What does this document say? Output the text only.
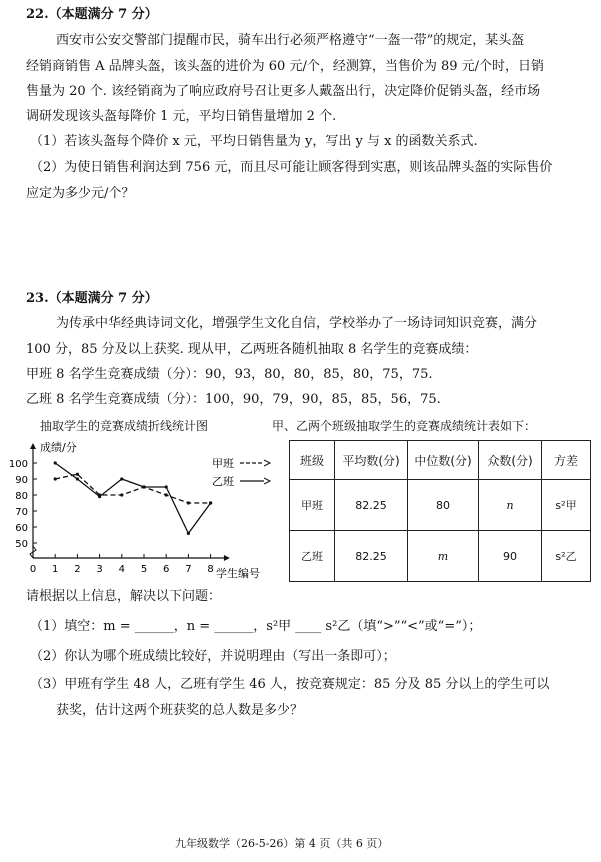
22.（本题满分 7 分）
西安市公安交警部门提醒市民，骑车出行必须严格遵守“一盔一带”的规定，某头盔
经销商销售 A 品牌头盔，该头盔的进价为 60 元/个，经测算，当售价为 89 元/个时，日销
售量为 20 个. 该经销商为了响应政府号召让更多人戴盔出行，决定降价促销头盔，经市场
调研发现该头盔每降价 1 元，平均日销售量增加 2 个.
（1）若该头盔每个降价 x 元，平均日销售量为 y，写出 y 与 x 的函数关系式.
（2）为使日销售利润达到 756 元，而且尽可能让顾客得到实惠，则该品牌头盔的实际售价
应定为多少元/个？
23.（本题满分 7 分）
为传承中华经典诗词文化，增强学生文化自信，学校举办了一场诗词知识竞赛，满分
100 分，85 分及以上获奖. 现从甲，乙两班各随机抽取 8 名学生的竞赛成绩：
甲班 8 名学生竞赛成绩（分）：90，93，80，80，85，80，75，75.
乙班 8 名学生竞赛成绩（分）：100，90，79，90，85，85，56，75.
抽取学生的竞赛成绩折线统计图	甲、乙两个班级抽取学生的竞赛成绩统计表如下：
成绩/分
学生编号
50
60
70
80
90
100
0 1 2 3 4 5 6 7 8
甲班
乙班
班级	平均数(分)	中位数(分)	众数(分)	方差
甲班	82.25	80	n	s²甲
乙班	82.25	m	90	s²乙
请根据以上信息，解决以下问题：
（1）填空：m = ______，n = ______，s²甲 ____ s²乙（填“>”“<”或“=”）；
（2）你认为哪个班成绩比较好，并说明理由（写出一条即可）；
（3）甲班有学生 48 人，乙班有学生 46 人，按竞赛规定：85 分及 85 分以上的学生可以
获奖，估计这两个班获奖的总人数是多少？
九年级数学（26-5-26）第 4 页（共 6 页）
